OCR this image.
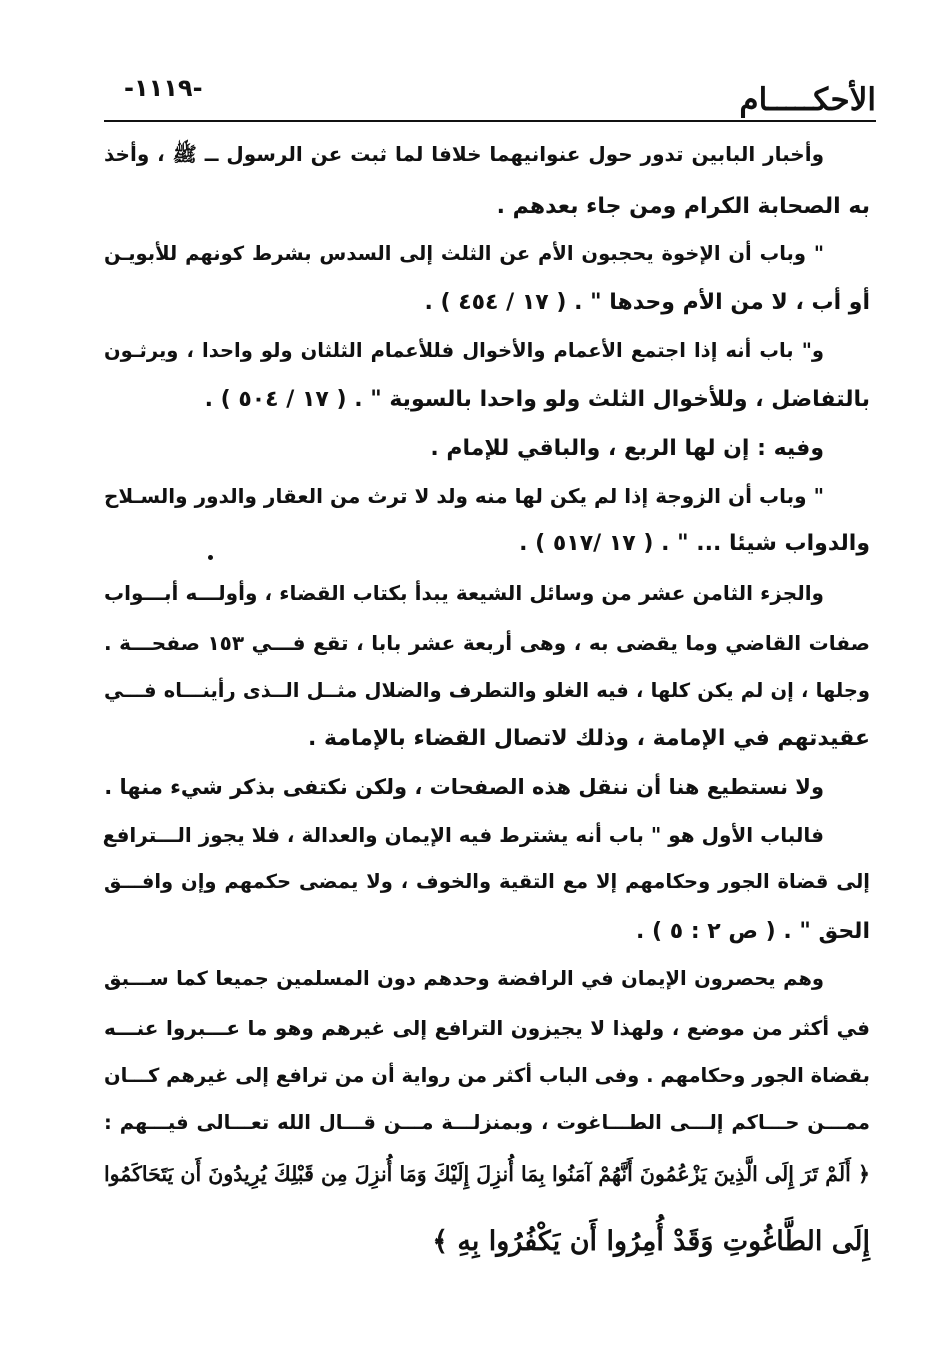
-١١١٩-	الأحكـــــام
وأخبار البابين تدور حول عنوانيهما خلافا لما ثبت عن الرسول ــ ﷺ ، وأخذ
به الصحابة الكرام ومن جاء بعدهم .
" وباب أن الإخوة يحجبون الأم عن الثلث إلى السدس بشرط كونهم للأبويـن
أو أب ، لا من الأم وحدها " . ( ١٧ / ٤٥٤ ) .
و" باب أنه إذا اجتمع الأعمام والأخوال فللأعمام الثلثان ولو واحدا ، ويرثـون
بالتفاضل ، وللأخوال الثلث ولو واحدا بالسوية " . ( ١٧ / ٥٠٤ ) .
وفيه : إن لها الربع ، والباقي للإمام .
" وباب أن الزوجة إذا لم يكن لها منه ولد لا ترث من العقار والدور والسـلاح
والدواب شيئا ... " . ( ١٧ /٥١٧ ) .
والجزء الثامن عشر من وسائل الشيعة يبدأ بكتاب القضاء ، وأولـــه أبـــواب
صفات القاضي وما يقضى به ، وهى أربعة عشر بابا ، تقع فـــي ١٥٣ صفحـــة .
وجلها ، إن لم يكن كلها ، فيه الغلو والتطرف والضلال مثــل الــذى رأينـــاه فـــي
عقيدتهم في الإمامة ، وذلك لاتصال القضاء بالإمامة .
ولا نستطيع هنا أن ننقل هذه الصفحات ، ولكن نكتفى بذكر شيء منها .
فالباب الأول هو " باب أنه يشترط فيه الإيمان والعدالة ، فلا يجوز الـــترافع
إلى قضاة الجور وحكامهم إلا مع التقية والخوف ، ولا يمضى حكمهم وإن وافـــق
الحق " . ( ص ٢ : ٥ ) .
وهم يحصرون الإيمان في الرافضة وحدهم دون المسلمين جميعا كما ســـبق
في أكثر من موضع ، ولهذا لا يجيزون الترافع إلى غيرهم وهو ما عـــبروا عنـــه
بقضاة الجور وحكامهم . وفى الباب أكثر من رواية أن من ترافع إلى غيرهم كـــان
ممـــن حـــاكم إلـــى الطـــاغوت ، وبمنزلـــة مـــن قـــال الله تعـــالى فيـــهم :
﴿ أَلَمْ تَرَ إِلَى الَّذِينَ يَزْعُمُونَ أَنَّهُمْ آمَنُوا بِمَا أُنزِلَ إِلَيْكَ وَمَا أُنزِلَ مِن قَبْلِكَ يُرِيدُونَ أَن يَتَحَاكَمُوا
إِلَى الطَّاغُوتِ وَقَدْ أُمِرُوا أَن يَكْفُرُوا بِهِ ﴾
